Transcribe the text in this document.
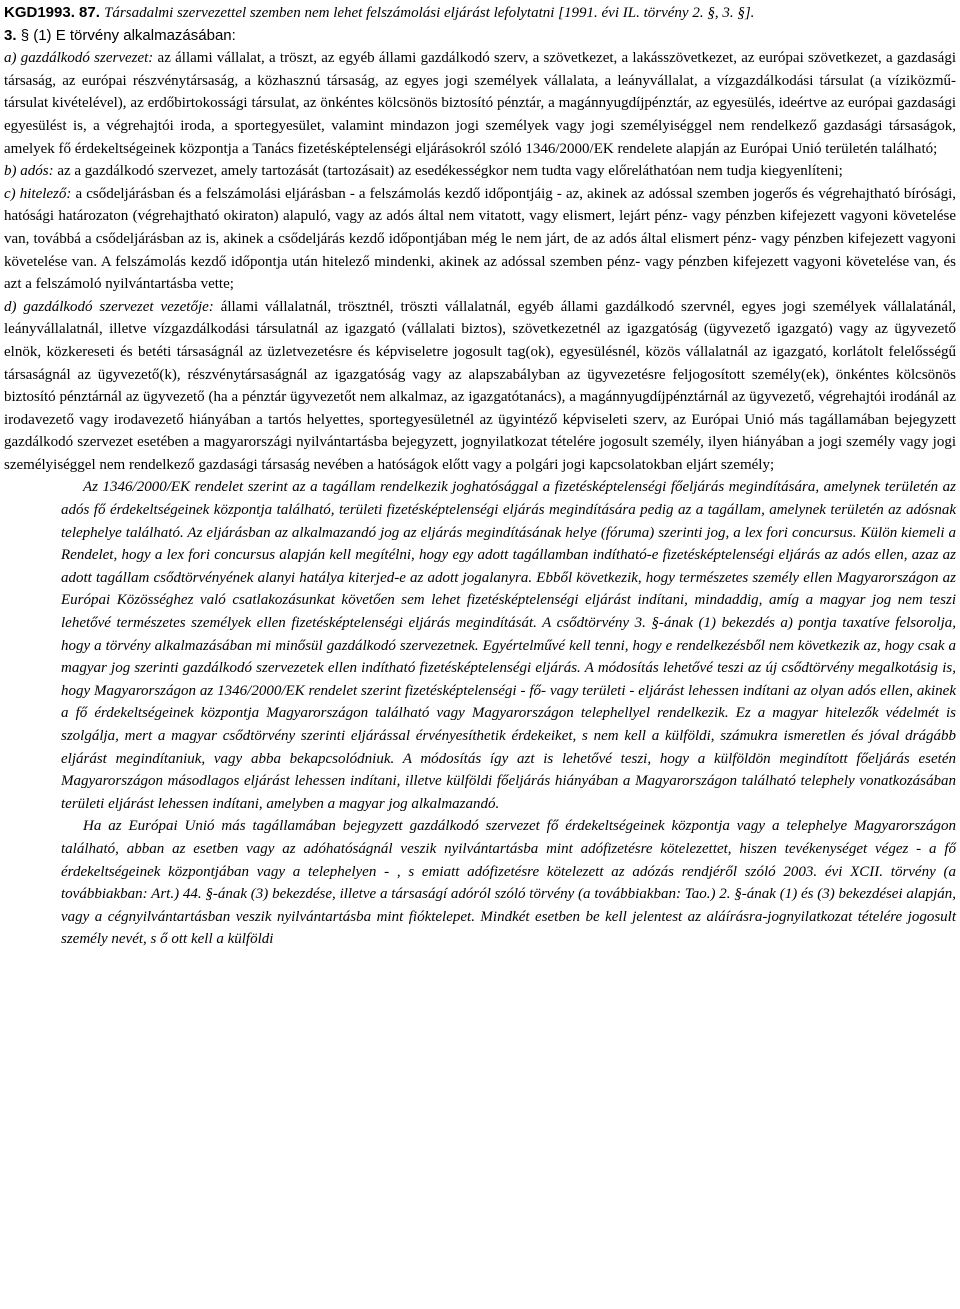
KGD1993. 87. Társadalmi szervezettel szemben nem lehet felszámolási eljárást lefolytatni [1991. évi IL. törvény 2. §, 3. §].

3. § (1) E törvény alkalmazásában:

a) gazdálkodó szervezet: az állami vállalat, a tröszt, az egyéb állami gazdálkodó szerv, a szövetkezet, a lakásszövetkezet, az európai szövetkezet, a gazdasági társaság, az európai részvénytársaság, a közhasznú társaság, az egyes jogi személyek vállalata, a leányvállalat, a vízgazdálkodási társulat (a víziközmű-társulat kivételével), az erdőbirtokossági társulat, az önkéntes kölcsönös biztosító pénztár, a magánnyugdíjpénztár, az egyesülés, ideértve az európai gazdasági egyesülést is, a végrehajtói iroda, a sportegyesület, valamint mindazon jogi személyek vagy jogi személyiséggel nem rendelkező gazdasági társaságok, amelyek fő érdekeltségeinek központja a Tanács fizetésképtelenségi eljárásokról szóló 1346/2000/EK rendelete alapján az Európai Unió területén található;

b) adós: az a gazdálkodó szervezet, amely tartozását (tartozásait) az esedékességkor nem tudta vagy előreláthatóan nem tudja kiegyenlíteni;

c) hitelező: a csődeljárásban és a felszámolási eljárásban - a felszámolás kezdő időpontjáig - az, akinek az adóssal szemben jogerős és végrehajtható bírósági, hatósági határozaton (végrehajtható okiraton) alapuló, vagy az adós által nem vitatott, vagy elismert, lejárt pénz- vagy pénzben kifejezett vagyoni követelése van, továbbá a csődeljárásban az is, akinek a csődeljárás kezdő időpontjában még le nem járt, de az adós által elismert pénz- vagy pénzben kifejezett vagyoni követelése van. A felszámolás kezdő időpontja után hitelező mindenki, akinek az adóssal szemben pénz- vagy pénzben kifejezett vagyoni követelése van, és azt a felszámoló nyilvántartásba vette;

d) gazdálkodó szervezet vezetője: állami vállalatnál, trösztnél, tröszti vállalatnál, egyéb állami gazdálkodó szervnél, egyes jogi személyek vállalatánál, leányvállalatnál, illetve vízgazdálkodási társulatnál az igazgató (vállalati biztos), szövetkezetnél az igazgatóság (ügyvezető igazgató) vagy az ügyvezető elnök, közkereseti és betéti társaságnál az üzletvezetésre és képviseletre jogosult tag(ok), egyesülésnél, közös vállalatnál az igazgató, korlátolt felelősségű társaságnál az ügyvezető(k), részvénytársaságnál az igazgatóság vagy az alapszabályban az ügyvezetésre feljogosított személy(ek), önkéntes kölcsönös biztosító pénztárnál az ügyvezető (ha a pénztár ügyvezetőt nem alkalmaz, az igazgatótanács), a magánnyugdíjpénztárnál az ügyvezető, végrehajtói irodánál az irodavezető vagy irodavezető hiányában a tartós helyettes, sportegyesületnél az ügyintéző képviseleti szerv, az Európai Unió más tagállamában bejegyzett gazdálkodó szervezet esetében a magyarországi nyilvántartásba bejegyzett, jognyilatkozat tételére jogosult személy, ilyen hiányában a jogi személy vagy jogi személyiséggel nem rendelkező gazdasági társaság nevében a hatóságok előtt vagy a polgári jogi kapcsolatokban eljárt személy;

Az 1346/2000/EK rendelet szerint az a tagállam rendelkezik joghatósággal a fizetésképtelenségi főeljárás megindítására, amelynek területén az adós fő érdekeltségeinek központja található, területi fizetésképtelenségi eljárás megindítására pedig az a tagállam, amelynek területén az adósnak telephelye található. Az eljárásban az alkalmazandó jog az eljárás megindításának helye (fóruma) szerinti jog, a lex fori concursus. Külön kiemeli a Rendelet, hogy a lex fori concursus alapján kell megítélni, hogy egy adott tagállamban indítható-e fizetésképtelenségi eljárás az adós ellen, azaz az adott tagállam csődtörvényének alanyi hatálya kiterjed-e az adott jogalanyra. Ebből következik, hogy természetes személy ellen Magyarországon az Európai Közösséghez való csatlakozásunkat követően sem lehet fizetésképtelenségi eljárást indítani, mindaddig, amíg a magyar jog nem teszi lehetővé természetes személyek ellen fizetésképtelenségi eljárás megindítását. A csődtörvény 3. §-ának (1) bekezdés a) pontja taxatíve felsorolja, hogy a törvény alkalmazásában mi minősül gazdálkodó szervezetnek. Egyértelművé kell tenni, hogy e rendelkezésből nem következik az, hogy csak a magyar jog szerinti gazdálkodó szervezetek ellen indítható fizetésképtelenségi eljárás. A módosítás lehetővé teszi az új csődtörvény megalkotásig is, hogy Magyarországon az 1346/2000/EK rendelet szerint fizetésképtelenségi - fő- vagy területi - eljárást lehessen indítani az olyan adós ellen, akinek a fő érdekeltségeinek központja Magyarországon található vagy Magyarországon telephellyel rendelkezik. Ez a magyar hitelezők védelmét is szolgálja, mert a magyar csődtörvény szerinti eljárással érvényesíthetik érdekeiket, s nem kell a külföldi, számukra ismeretlen és jóval drágább eljárást megindítaniuk, vagy abba bekapcsolódniuk. A módosítás így azt is lehetővé teszi, hogy a külföldön megindított főeljárás esetén Magyarországon másodlagos eljárást lehessen indítani, illetve külföldi főeljárás hiányában a Magyarországon található telephely vonatkozásában területi eljárást lehessen indítani, amelyben a magyar jog alkalmazandó.

Ha az Európai Unió más tagállamában bejegyzett gazdálkodó szervezet fő érdekeltségeinek központja vagy a telephelye Magyarországon található, abban az esetben vagy az adóhatóságnál veszik nyilvántartásba mint adófizetésre kötelezettet, hiszen tevékenységet végez - a fő érdekeltségeinek központjában vagy a telephelyen - , s emiatt adófizetésre kötelezett az adózás rendjéről szóló 2003. évi XCII. törvény (a továbbiakban: Art.) 44. §-ának (3) bekezdése, illetve a társaságí adóról szóló törvény (a továbbiakban: Tao.) 2. §-ának (1) és (3) bekezdései alapján, vagy a cégnyilvántartásban veszik nyilvántartásba mint fióktelepet. Mindkét esetben be kell jelentest az aláírásra-jognyilatkozat tételére jogosult személy nevét, s ő ott kell a külföldi
